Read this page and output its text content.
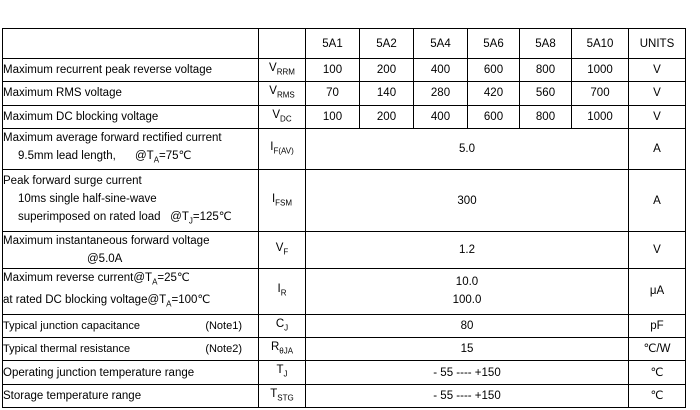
		5A1	5A2	5A4	5A6	5A8	5A10	UNITS
Maximum recurrent peak reverse voltage	$V_{RRM}$	100	200	400	600	800	1000	V
Maximum RMS voltage	$V_{RMS}$	70	140	280	420	560	700	V
Maximum DC blocking voltage	$V_{DC}$	100	200	400	600	800	1000	V

Maximum average forward rectified current
9.5mm lead length, $@T_A=75℃$	$I_{F(AV)}$	5.0						A

Peak forward surge current
10ms single half-sine-wave
superimposed on rated load $@T_J=125℃$	$I_{FSM}$	300						A

Maximum instantaneous forward voltage
@5.0A	$V_F$	1.2						V

Maximum reverse $current@T_A=25℃$
at rated DC blocking $voltage@T_A=100℃$	$I_R$	10.0
100.0						μA

Typical junction capacitance (Note1)	$C_J$	80						pF

Typical thermal resistance (Note2)	$R_{\theta JA}$	15						℃/W
Operating junction temperature range	$T_J$	- 55 ---- +150						℃
Storage temperature range	$T_{STG}$	- 55 ---- +150						℃
